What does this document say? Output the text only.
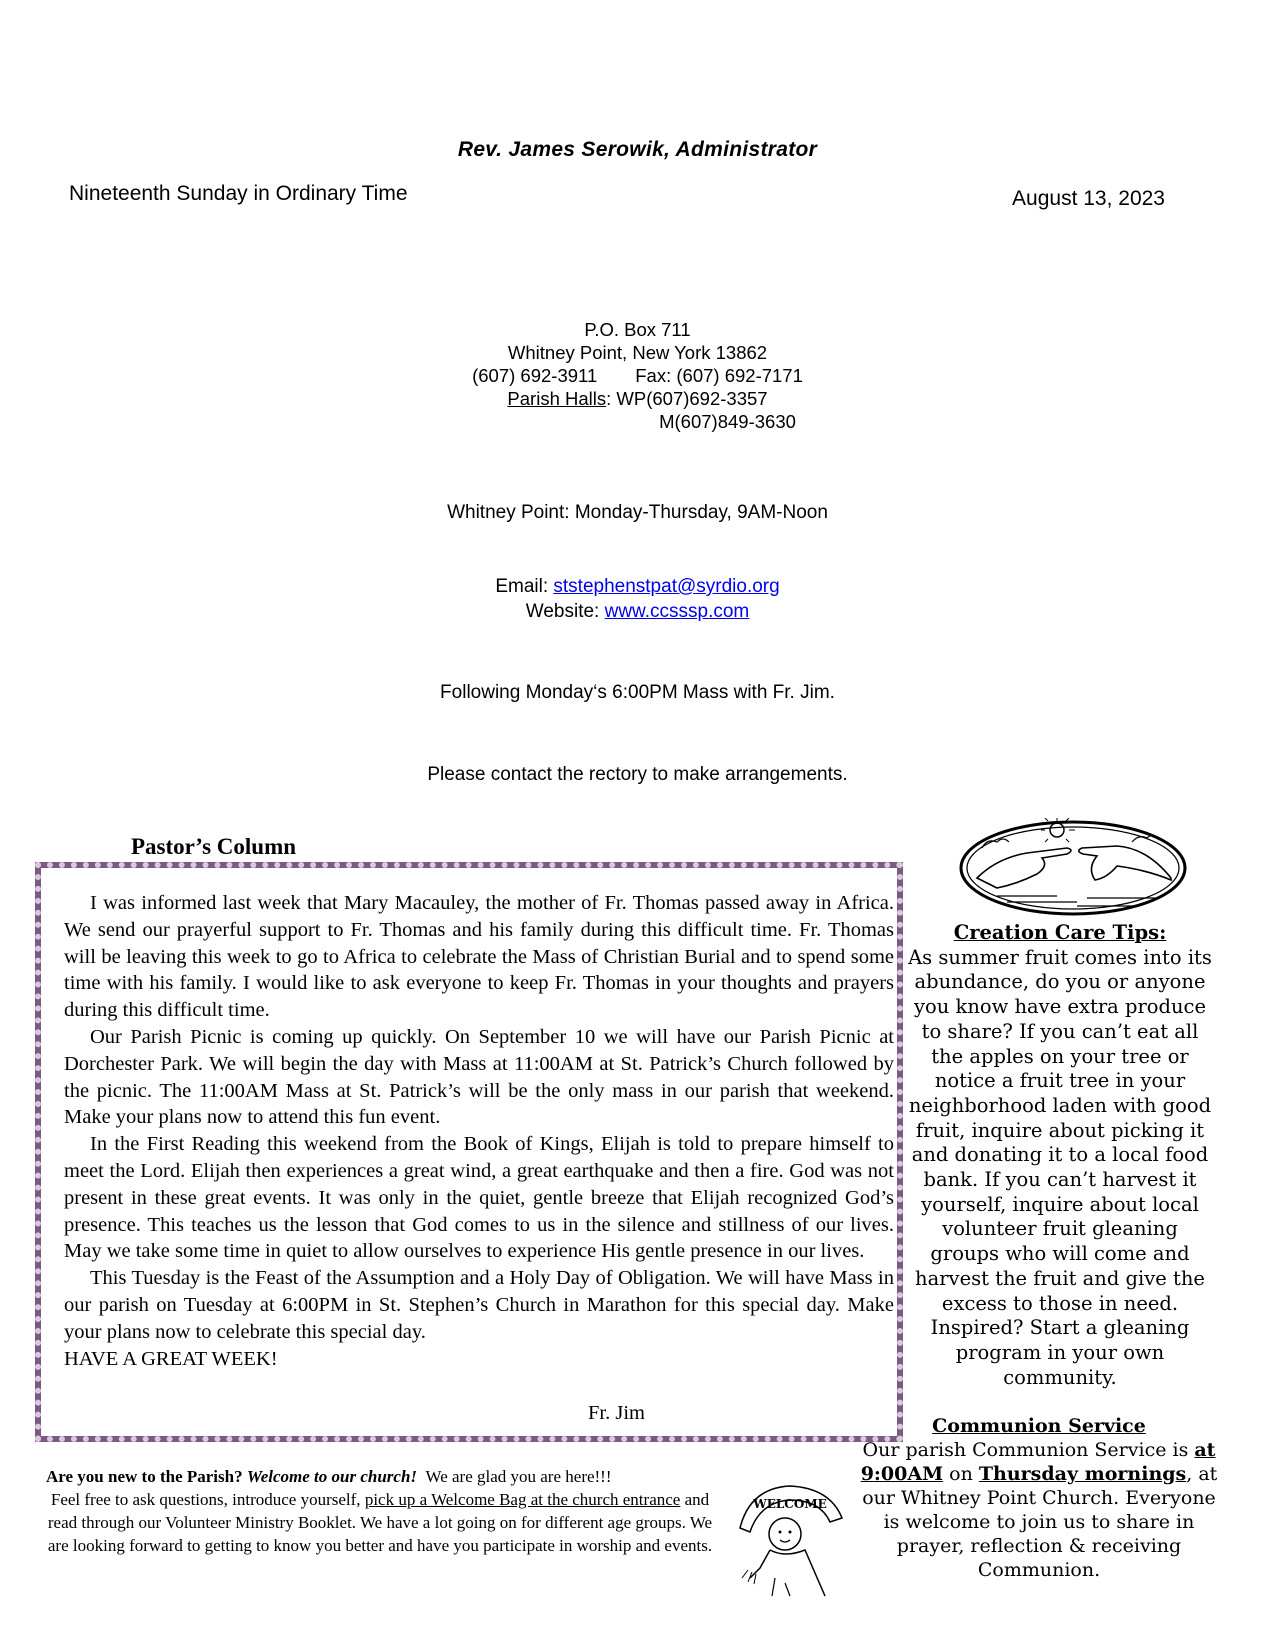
Rev. James Serowik, Administrator
Nineteenth Sunday in Ordinary Time	August 13, 2023
P.O. Box 711
Whitney Point, New York 13862
(607) 692-3911 Fax: (607) 692-7171
Parish Halls: WP(607)692-3357
M(607)849-3630
Whitney Point: Monday-Thursday, 9AM-Noon
Email: ststephenstpat@syrdio.org
Website: www.ccsssp.com
Following Monday‘s 6:00PM Mass with Fr. Jim.
Please contact the rectory to make arrangements.
Pastor’s Column

I was informed last week that Mary Macauley, the mother of Fr. Thomas passed away in Africa. We send our prayerful support to Fr. Thomas and his family during this difficult time. Fr. Thomas will be leaving this week to go to Africa to celebrate the Mass of Christian Burial and to spend some time with his family. I would like to ask everyone to keep Fr. Thomas in your thoughts and prayers during this difficult time.

Our Parish Picnic is coming up quickly. On September 10 we will have our Parish Picnic at Dorchester Park. We will begin the day with Mass at 11:00AM at St. Patrick’s Church followed by the picnic. The 11:00AM Mass at St. Patrick’s will be the only mass in our parish that weekend. Make your plans now to attend this fun event.

In the First Reading this weekend from the Book of Kings, Elijah is told to prepare himself to meet the Lord. Elijah then experiences a great wind, a great earthquake and then a fire. God was not present in these great events. It was only in the quiet, gentle breeze that Elijah recognized God’s presence. This teaches us the lesson that God comes to us in the silence and stillness of our lives. May we take some time in quiet to allow ourselves to experience His gentle presence in our lives.

This Tuesday is the Feast of the Assumption and a Holy Day of Obligation. We will have Mass in our parish on Tuesday at 6:00PM in St. Stephen’s Church in Marathon for this special day. Make your plans now to celebrate this special day.

HAVE A GREAT WEEK!

Fr. Jim
Creation Care Tips:
As summer fruit comes into its abundance, do you or anyone you know have extra produce to share? If you can’t eat all the apples on your tree or notice a fruit tree in your neighborhood laden with good fruit, inquire about picking it and donating it to a local food bank. If you can’t harvest it yourself, inquire about local volunteer fruit gleaning groups who will come and harvest the fruit and give the excess to those in need. Inspired? Start a gleaning program in your own community.
Communion Service
Our parish Communion Service is at 9:00AM on Thursday mornings, at our Whitney Point Church. Everyone is welcome to join us to share in prayer, reflection & receiving Communion.
Are you new to the Parish? Welcome to our church! We are glad you are here!!!
Feel free to ask questions, introduce yourself, pick up a Welcome Bag at the church entrance and read through our Volunteer Ministry Booklet. We have a lot going on for different age groups. We are looking forward to getting to know you better and have you participate in worship and events.
WELCOME
